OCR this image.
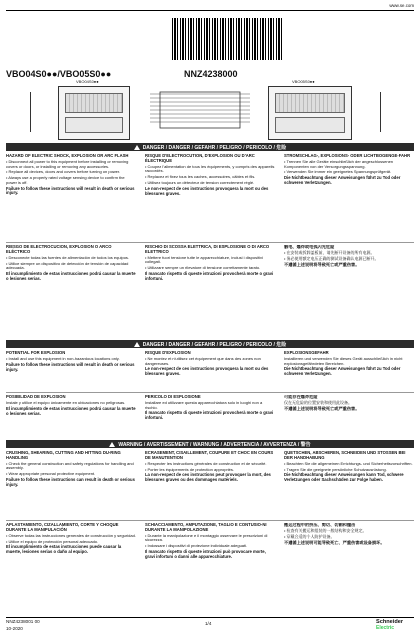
www.se.com
VBO04S0●●/VBO05S0●●	NNZ4238000
VBO04S0●●	VBO05S0●●
DANGER / DANGER / GEFAHR / PELIGRO / PERICOLO / 危险

HAZARD OF ELECTRIC SHOCK, EXPLOSION OR ARC FLASH

• Disconnect all power to this equipment before installing or removing covers or doors, or installing or removing any accessories.

• Replace all devices, doors and covers before turning on power.

• Always use a properly rated voltage sensing device to confirm the power is off.

Failure to follow these instructions will result in death or serious injury.

RISQUE D'ÉLECTROCUTION, D'EXPLOSION OU D'ARC ÉLECTRIQUE

• Coupez l'alimentation de tous les équipements, y compris des appareils raccordés.

• Replacez et fixez tous les caches, accessoires, câbles et fils.

• Utilisez toujours un détecteur de tension correctement réglé.

Le non-respect de ces instructions provoquera la mort ou des blessures graves.

STROMSCHLAG-, EXPLOSIONS- ODER LICHTBOGENGE-FAHR

• Trennen Sie alle Geräte einschließlich der angeschlossenen Komponenten von der Versorgungsspannung.

• Verwenden Sie immer ein geeignetes Spannungsprüfgerät.

Die Nichtbeachtung dieser Anweisungen führt zu Tod oder schweren Verletzungen.

RIESGO DE ELECTROCUCIÓN, EXPLOSIÓN O ARCO ELÉCTRICO

• Desconecte todas las fuentes de alimentación de todos los equipos.

• Utilice siempre un dispositivo de detección de tensión de capacidad adecuada.

El incumplimiento de estas instrucciones podrá causar la muerte o lesiones serias.

RISCHIO DI SCOSSA ELETTRICA, DI ESPLOSIONE O DI ARCO ELETTRICO

• Mettere fuori tensione tutte le apparecchiature, inclusi i dispositivi collegati.

• Utilizzare sempre un rilevatore di tensione correttamente tarato.

Il mancato rispetto di queste istruzioni provocherà morte o gravi infortuni.

触电、爆炸或电弧闪光危险

• 在安装或拆卸盖板前，请先断开设备的所有电源。

• 务必使用额定电压正确的测试设备确认电源已断开。

不遵循上述说明将导致死亡或严重伤害。

DANGER / DANGER / GEFAHR / PELIGRO / PERICOLO / 危险

POTENTIAL FOR EXPLOSION

• Install and use this equipment in non-hazardous locations only.

Failure to follow these instructions will result in death or serious injury.

RISQUE D'EXPLOSION

• Ne montez et n'utilisez cet équipement que dans des zones non dangereuses.

Le non-respect de ces instructions provoquera la mort ou des blessures graves.

EXPLOSIONSGEFAHR

Installieren und verwenden Sie dieses Gerät ausschließlich in nicht explosionsgefährdeten Bereichen.

Die Nichtbeachtung dieser Anweisungen führt zu Tod oder schweren Verletzungen.

POSIBILIDAD DE EXPLOSIÓN

Instale y utilice el equipo únicamente en ubicaciones no peligrosas.

El incumplimiento de estas instrucciones podrá causar la muerte o lesiones serias.

PERICOLO DI ESPLOSIONE

Installare ed utilizzare questa apparecchiatura solo in luoghi non a rischio.

Il mancato rispetto di queste istruzioni provocherà morte o gravi infortuni.

可能存在爆炸危险

仅在无危险的位置安装和使用此设备。

不遵循上述说明将导致死亡或严重伤害。

WARNING / AVERTISSEMENT / WARNUNG / ADVERTENCIA / AVVERTENZA / 警告

CRUSHING, SHEARING, CUTTING AND HITTING DU-RING HANDLING

• Check the general construction and safety regulations for handling and assembly.

• Wear appropriate personal protective equipment.

Failure to follow these instructions can result in death or serious injury.

ÉCRASEMENT, CISAILLEMENT, COUPURE ET CHOC EN COURS DE MANUTENTION

• Respecter les instructions générales de construction et de sécurité.

• Porter les équipements de protection appropriés.

La non-respect de ces instructions peut provoquer la mort, des blessures graves ou des dommages matériels.

QUETSCHEN, ABSCHEREN, SCHNEIDEN UND STOSSEN BEI DER HANDHABUNG

• Beachten Sie die allgemeinen Errichtungs- und Sicherheitsvorschriften.

• Tragen Sie die geeignete persönliche Schutzausrüstung.

Die Nichtbeachtung dieser Anweisungen kann Tod, schwere Verletzungen oder Sachschäden zur Folge haben.

APLASTAMIENTO, CIZALLAMIENTO, CORTE Y CHOQUE DURANTE LA MANIPULACIÓN

• Observe todas las instrucciones generales de construcción y seguridad.

• Utilice el equipo de protección personal adecuado.

El incumplimiento de estas instrucciones puede causar la muerte, lesiones serias o daño al equipo.

SCHIACCIAMENTO, AMPUTAZIONE, TAGLIO E CONTUSIO-NI DURANTE LA MANIPOLAZIONE

• Durante la manipolazione e il montaggio osservare le prescrizioni di sicurezza.

• Indossare i dispositivi di protezione individuale adeguati.

Il mancato rispetto di queste istruzioni può provocare morte, gravi infortuni o danni alle apparecchiature.

搬运过程中的挤压、剪切、切割和撞击

• 检查有关搬运和组装的一般结构和安全规定。

• 穿戴合适的个人防护设备。

不遵循上述说明可能导致死亡、严重伤害或设备损坏。

NNZ4238001 00
10-2020
1/4	Schneider
Electric
